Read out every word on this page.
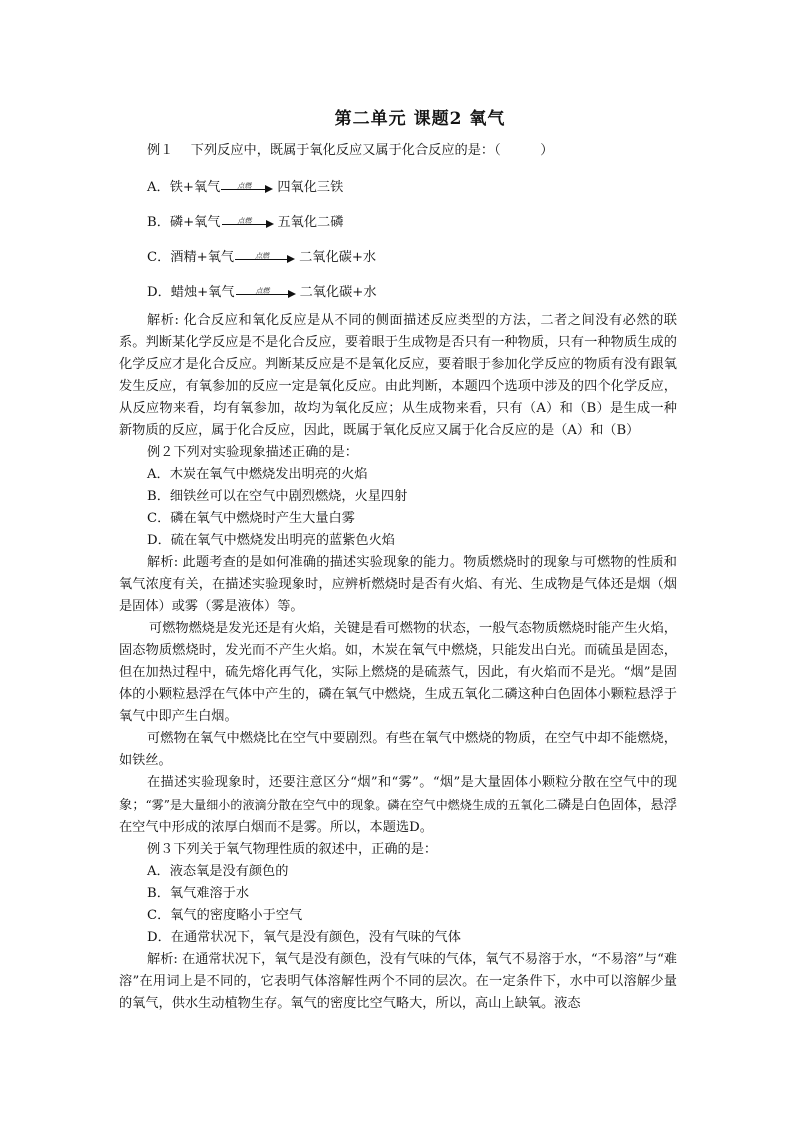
第二单元 课题2 氧气
例１　 下列反应中，既属于氧化反应又属于化合反应的是：（　　　）
A．铁+氧气	点燃	四氧化三铁
B．磷+氧气	点燃	五氧化二磷
C．酒精+氧气	点燃	二氧化碳+水
D．蜡烛+氧气	点燃	二氧化碳+水

解析: 化合反应和氧化反应是从不同的侧面描述反应类型的方法，二者之间没有必然的联系。判断某化学反应是不是化合反应，要着眼于生成物是否只有一种物质，只有一种物质生成的化学反应才是化合反应。判断某反应是不是氧化反应，要着眼于参加化学反应的物质有没有跟氧发生反应，有氧参加的反应一定是氧化反应。由此判断，本题四个选项中涉及的四个化学反应，从反应物来看，均有氧参加，故均为氧化反应；从生成物来看，只有（A）和（B）是生成一种新物质的反应，属于化合反应，因此，既属于氧化反应又属于化合反应的是（A）和（B）

例２下列对实验现象描述正确的是：
A．木炭在氧气中燃烧发出明亮的火焰
B．细铁丝可以在空气中剧烈燃烧，火星四射
C．磷在氧气中燃烧时产生大量白雾
D．硫在氧气中燃烧发出明亮的蓝紫色火焰

解析: 此题考查的是如何准确的描述实验现象的能力。物质燃烧时的现象与可燃物的性质和氧气浓度有关，在描述实验现象时，应辨析燃烧时是否有火焰、有光、生成物是气体还是烟（烟是固体）或雾（雾是液体）等。

可燃物燃烧是发光还是有火焰，关键是看可燃物的状态，一般气态物质燃烧时能产生火焰，固态物质燃烧时，发光而不产生火焰。如，木炭在氧气中燃烧，只能发出白光。而硫虽是固态，但在加热过程中，硫先熔化再气化，实际上燃烧的是硫蒸气，因此，有火焰而不是光。“烟”是固体的小颗粒悬浮在气体中产生的，磷在氧气中燃烧，生成五氧化二磷这种白色固体小颗粒悬浮于氧气中即产生白烟。

可燃物在氧气中燃烧比在空气中要剧烈。有些在氧气中燃烧的物质，在空气中却不能燃烧，如铁丝。

在描述实验现象时，还要注意区分“烟”和“雾”。“烟”是大量固体小颗粒分散在空气中的现象；“雾”是大量细小的液滴分散在空气中的现象。磷在空气中燃烧生成的五氧化二磷是白色固体，悬浮在空气中形成的浓厚白烟而不是雾。所以，本题选D。

例３下列关于氧气物理性质的叙述中，正确的是：
A．液态氧是没有颜色的
B．氧气难溶于水
C．氧气的密度略小于空气
D．在通常状况下，氧气是没有颜色，没有气味的气体

解析: 在通常状况下，氧气是没有颜色，没有气味的气体，氧气不易溶于水，“不易溶”与“难溶”在用词上是不同的，它表明气体溶解性两个不同的层次。在一定条件下，水中可以溶解少量的氧气，供水生动植物生存。氧气的密度比空气略大，所以，高山上缺氧。液态
